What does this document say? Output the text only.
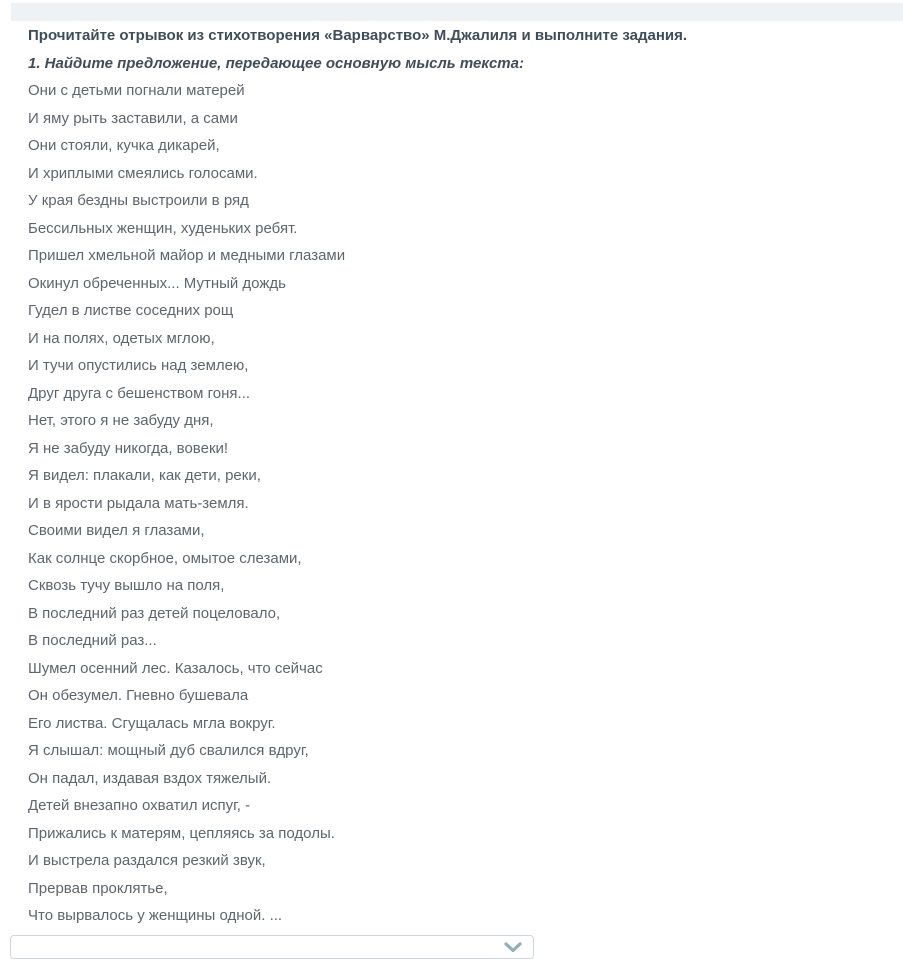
Прочитайте отрывок из стихотворения «Варварство» М.Джалиля и выполните задания.

1. Найдите предложение, передающее основную мысль текста:

Они с детьми погнали матерей

И яму рыть заставили, а сами

Они стояли, кучка дикарей,

И хриплыми смеялись голосами.

У края бездны выстроили в ряд

Бессильных женщин, худеньких ребят.

Пришел хмельной майор и медными глазами

Окинул обреченных... Мутный дождь

Гудел в листве соседних рощ

И на полях, одетых мглою,

И тучи опустились над землею,

Друг друга с бешенством гоня...

Нет, этого я не забуду дня,

Я не забуду никогда, вовеки!

Я видел: плакали, как дети, реки,

И в ярости рыдала мать-земля.

Своими видел я глазами,

Как солнце скорбное, омытое слезами,

Сквозь тучу вышло на поля,

В последний раз детей поцеловало,

В последний раз...

Шумел осенний лес. Казалось, что сейчас

Он обезумел. Гневно бушевала

Его листва. Сгущалась мгла вокруг.

Я слышал: мощный дуб свалился вдруг,

Он падал, издавая вздох тяжелый.

Детей внезапно охватил испуг, -

Прижались к матерям, цепляясь за подолы.

И выстрела раздался резкий звук,

Прервав проклятье,

Что вырвалось у женщины одной. ...
